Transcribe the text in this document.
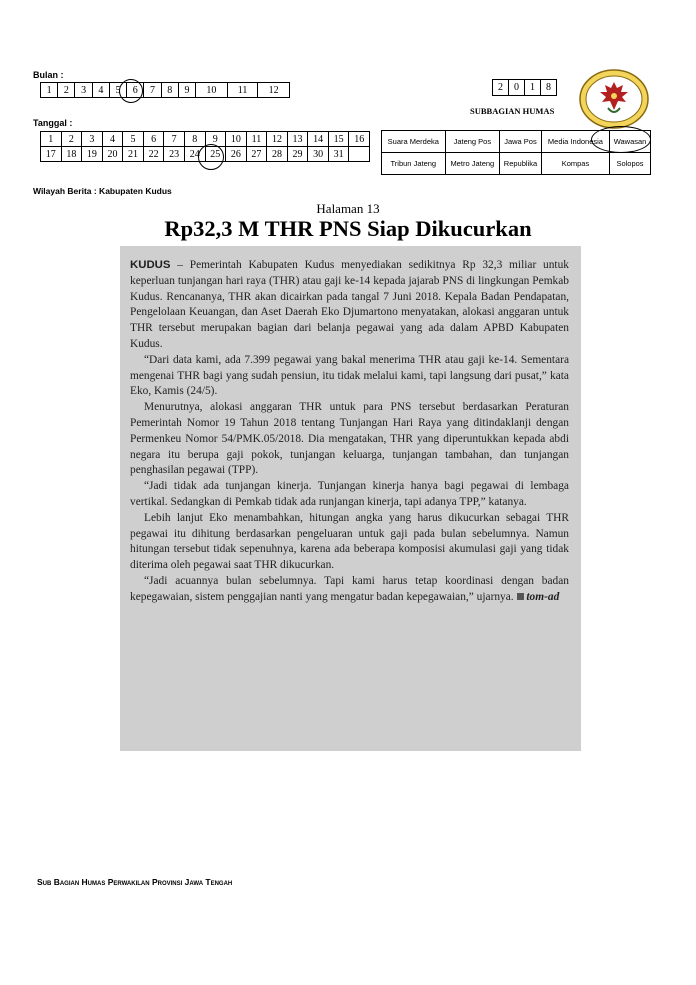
Bulan :
1	2	3	4	5	6	7	8	9	10	11	12
Tanggal :
1	2	3	4	5	6	7	8	9	10	11	12	13	14	15	16
17	18	19	20	21	22	23	24	25	26	27	28	29	30	31	
2	0	1	8
SUBBAGIAN HUMAS
Suara Merdeka	Jateng Pos	Jawa Pos	Media Indonesia	Wawasan
Tribun Jateng	Metro Jateng	Republika	Kompas	Solopos
Wilayah Berita : Kabupaten Kudus
Halaman 13
Rp32,3 M THR PNS Siap Dikucurkan

KUDUS – Pemerintah Kabupaten Kudus menyediakan sedikitnya Rp 32,3 miliar untuk keperluan tunjangan hari raya (THR) atau gaji ke-14 kepada jajarab PNS di lingkungan Pemkab Kudus. Rencananya, THR akan dicairkan pada tangal 7 Juni 2018. Kepala Badan Pendapatan, Pengelolaan Keuangan, dan Aset Daerah Eko Djumartono menyatakan, alokasi anggaran untuk THR tersebut merupakan bagian dari belanja pegawai yang ada dalam APBD Kabupaten Kudus.

“Dari data kami, ada 7.399 pegawai yang bakal menerima THR atau gaji ke-14. Sementara mengenai THR bagi yang sudah pensiun, itu tidak melalui kami, tapi langsung dari pusat,” kata Eko, Kamis (24/5).

Menurutnya, alokasi anggaran THR untuk para PNS tersebut berdasarkan Peraturan Pemerintah Nomor 19 Tahun 2018 tentang Tunjangan Hari Raya yang ditindaklanji dengan Permenkeu Nomor 54/PMK.05/2018. Dia mengatakan, THR yang diperuntukkan kepada abdi negara itu berupa gaji pokok, tunjangan keluarga, tunjangan tambahan, dan tunjangan penghasilan pegawai (TPP).

“Jadi tidak ada tunjangan kinerja. Tunjangan kinerja hanya bagi pegawai di lembaga vertikal. Sedangkan di Pemkab tidak ada runjangan kinerja, tapi adanya TPP,” katanya.

Lebih lanjut Eko menambahkan, hitungan angka yang harus dikucurkan sebagai THR pegawai itu dihitung berdasarkan pengeluaran untuk gaji pada bulan sebelumnya. Namun hitungan tersebut tidak sepenuhnya, karena ada beberapa komposisi akumulasi gaji yang tidak diterima oleh pegawai saat THR dikucurkan.

“Jadi acuannya bulan sebelumnya. Tapi kami harus tetap koordinasi dengan badan kepegawaian, sistem penggajian nanti yang mengatur badan kepegawaian,” ujarnya. tom-ad

Sub Bagian Humas Perwakilan Provinsi Jawa Tengah
